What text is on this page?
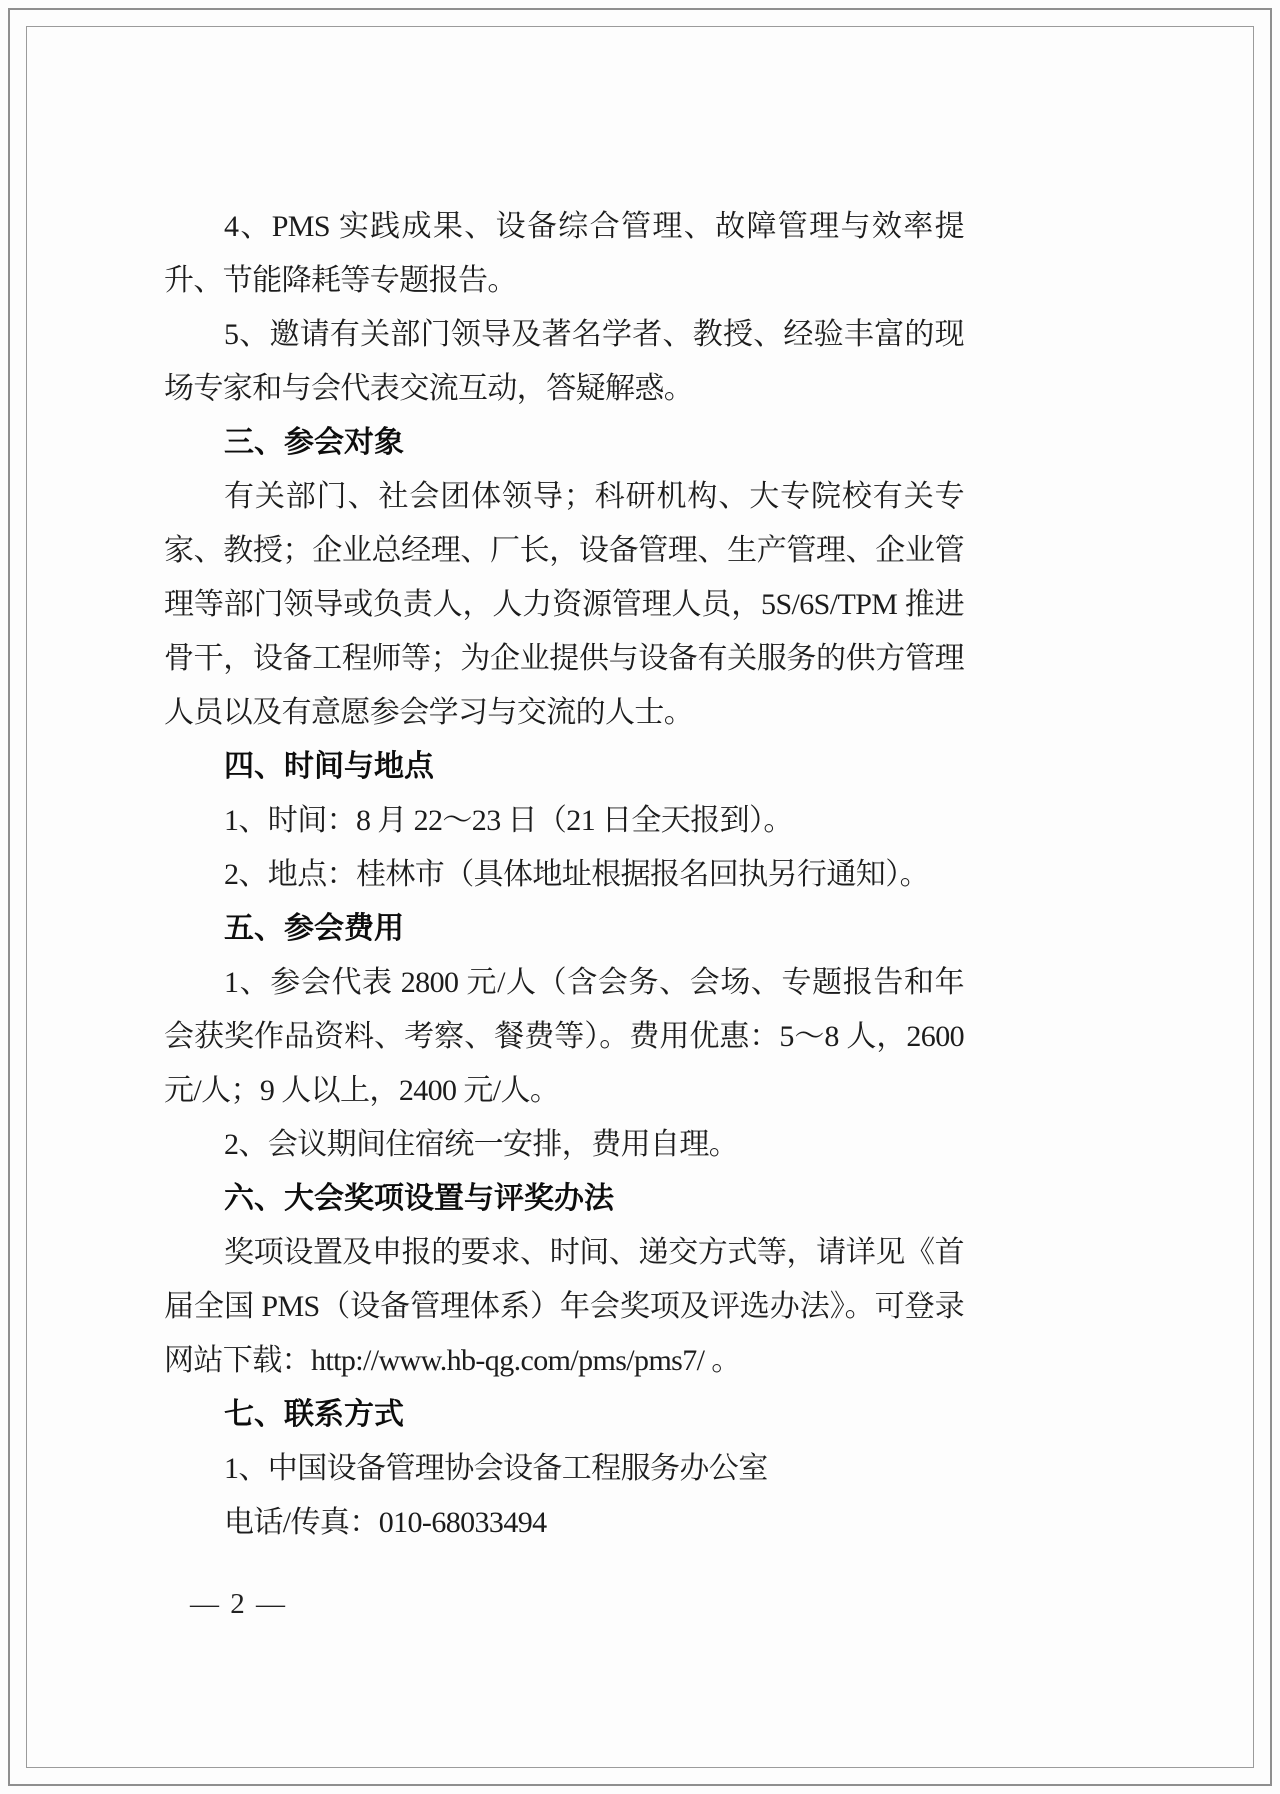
4、PMS 实践成果、设备综合管理、故障管理与效率提升、节能降耗等专题报告。

5、邀请有关部门领导及著名学者、教授、经验丰富的现场专家和与会代表交流互动，答疑解惑。

三、参会对象

有关部门、社会团体领导；科研机构、大专院校有关专家、教授；企业总经理、厂长，设备管理、生产管理、企业管理等部门领导或负责人，人力资源管理人员，5S/6S/TPM 推进骨干，设备工程师等；为企业提供与设备有关服务的供方管理人员以及有意愿参会学习与交流的人士。

四、时间与地点

1、时间：8 月 22～23 日（21 日全天报到）。

2、地点：桂林市（具体地址根据报名回执另行通知）。

五、参会费用

1、参会代表 2800 元/人（含会务、会场、专题报告和年会获奖作品资料、考察、餐费等）。费用优惠：5～8 人，2600 元/人；9 人以上，2400 元/人。

2、会议期间住宿统一安排，费用自理。

六、大会奖项设置与评奖办法

奖项设置及申报的要求、时间、递交方式等，请详见《首届全国 PMS（设备管理体系）年会奖项及评选办法》。可登录网站下载：http://www.hb-qg.com/pms/pms7/ 。

七、联系方式

1、中国设备管理协会设备工程服务办公室

电话/传真：010-68033494

— 2 —
